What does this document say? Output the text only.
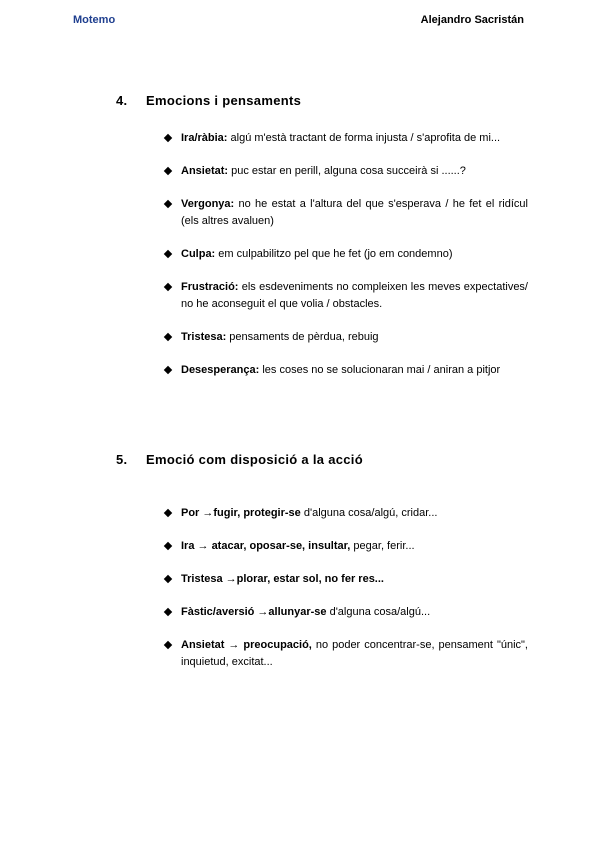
Motemo	Alejandro Sacristán
4. Emocions i pensaments
Ira/ràbia: algú m'està tractant de forma injusta / s'aprofita de mi...
Ansietat: puc estar en perill, alguna cosa succeirà si ......?
Vergonya: no he estat a l'altura del que s'esperava / he fet el ridícul (els altres avaluen)
Culpa: em culpabilitzo pel que he fet (jo em condemno)
Frustració: els esdeveniments no compleixen les meves expectatives/ no he aconseguit el que volia / obstacles.
Tristesa: pensaments de pèrdua, rebuig
Desesperança: les coses no se solucionaran mai / aniran a pitjor
5. Emoció com disposició a la acció
Por →fugir, protegir-se d'alguna cosa/algú, cridar...
Ira → atacar, oposar-se, insultar, pegar, ferir...
Tristesa →plorar, estar sol, no fer res...
Fàstic/aversió →allunyar-se d'alguna cosa/algú...
Ansietat → preocupació, no poder concentrar-se, pensament "únic", inquietud, excitat...
